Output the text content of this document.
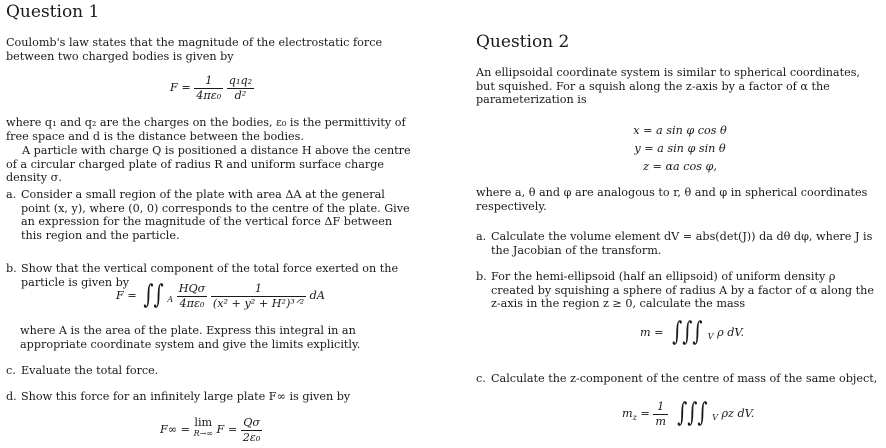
Question 1
Coulomb's law states that the magnitude of the electrostatic force between two charged bodies is given by
$F = \frac{1}{\text{4πε₀}}$
$\frac{\text{q₁q₂}}{\text{d²}}$
where q₁ and q₂ are the charges on the bodies, ε₀ is the permittivity of free space and d is the distance between the bodies.
A particle with charge Q is positioned a distance H above the centre of a circular charged plate of radius R and uniform surface charge density σ.
a. Consider a small region of the plate with area ΔA at the general point (x, y), where (0, 0) corresponds to the centre of the plate. Give an expression for the magnitude of the vertical force ΔF between this region and the particle.
b. Show that the vertical component of the total force exerted on the particle is given by
F = ∫∫ $_A \frac{\text{HQσ}}{\text{4πε₀}}$
$\frac{1}{\text{(x² + y² + H²)³ᐟ²}}$ dA
where A is the area of the plate. Express this integral in an appropriate coordinate system and give the limits explicitly.
c. Evaluate the total force.
d. Show this force for an infinitely large plate F∞ is given by
F∞ =
lim
R→∞ $F = \frac{Q\sigma}{\text{2ε₀}}$
Question 2
An ellipsoidal coordinate system is similar to spherical coordinates, but squished. For a squish along the z-axis by a factor of α the parameterization is
x = a sin φ cos θ
y = a sin φ sin θ
z = αa cos φ,
where a, θ and φ are analogous to r, θ and φ in spherical coordinates respectively.
a. Calculate the volume element dV = abs(det(J)) da dθ dφ, where J is the Jacobian of the transform.
b. For the hemi-ellipsoid (half an ellipsoid) of uniform density ρ created by squishing a sphere of radius A by a factor of α along the z-axis in the region z ≥ 0, calculate the mass
m = ∫∫∫ $_V$ ρ dV.
c. Calculate the z-component of the centre of mass of the same object,
$m_z = \frac{1}{m}$ ∫∫∫ $_V$ ρz dV.
